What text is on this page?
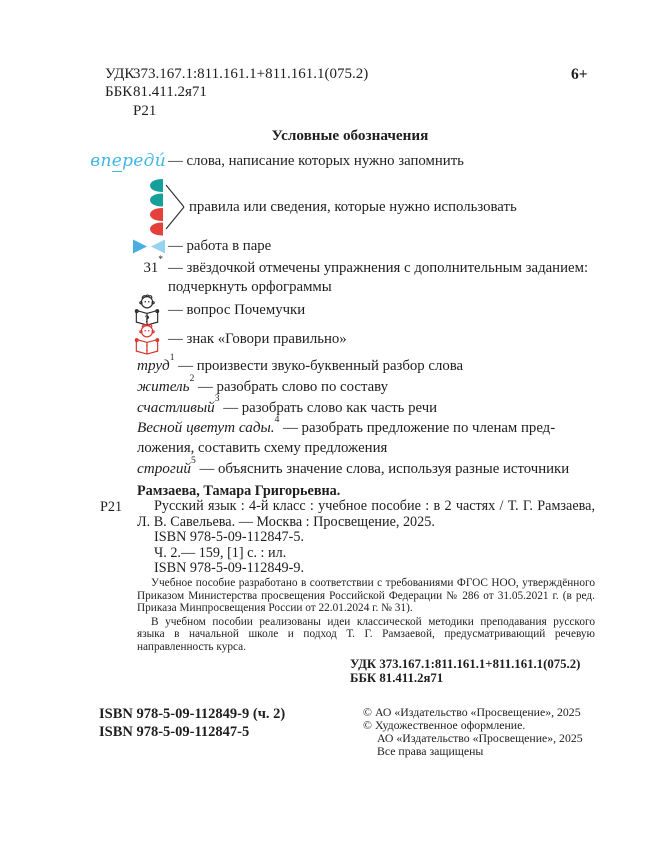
УДК373.167.1:811.161.1+811.161.1(075.2)
ББК81.411.2я71
Р21
6+
Условные обозначения
впереди́ — слова, написание которых нужно запомнить
правила или сведения, которые нужно использовать
— работа в паре
31*
— звёздочкой отмечены упражнения с дополнительным заданием: подчеркнуть орфограммы
?
— вопрос Почемучки
!
— знак «Говори правильно»
труд$^1$ — произвести звуко-буквенный разбор слова
житель$^2$ — разобрать слово по составу
счастливый$^3$ — разобрать слово как часть речи
Весной цветут сады.$^4$ — разобрать предложение по членам предложения, составить схему предложения
строгий$^5$ — объяснить значение слова, используя разные источники
Рамзаева, Тамара Григорьевна.
Р21	Русский язык : 4-й класс : учебное пособие : в 2 частях / Т. Г. Рамзаева, Л. В. Савельева. — Москва : Просвещение, 2025.

ISBN 978-5-09-112847-5.
Ч. 2.— 159, [1] с. : ил.
ISBN 978-5-09-112849-9.

Учебное пособие разработано в соответствии с требованиями ФГОС НОО, утверждённого Приказом Министерства просвещения Российской Федерации № 286 от 31.05.2021 г. (в ред. Приказа Минпросвещения России от 22.01.2024 г. № 31).

В учебном пособии реализованы идеи классической методики преподавания русского языка в начальной школе и подход Т. Г. Рамзаевой, предусматривающий речевую направленность курса.

УДК 373.167.1:811.161.1+811.161.1(075.2)
ББК 81.411.2я71
ISBN 978-5-09-112849-9 (ч. 2)
ISBN 978-5-09-112847-5
© АО «Издательство «Просвещение», 2025
© Художественное оформление.
АО «Издательство «Просвещение», 2025
Все права защищены
